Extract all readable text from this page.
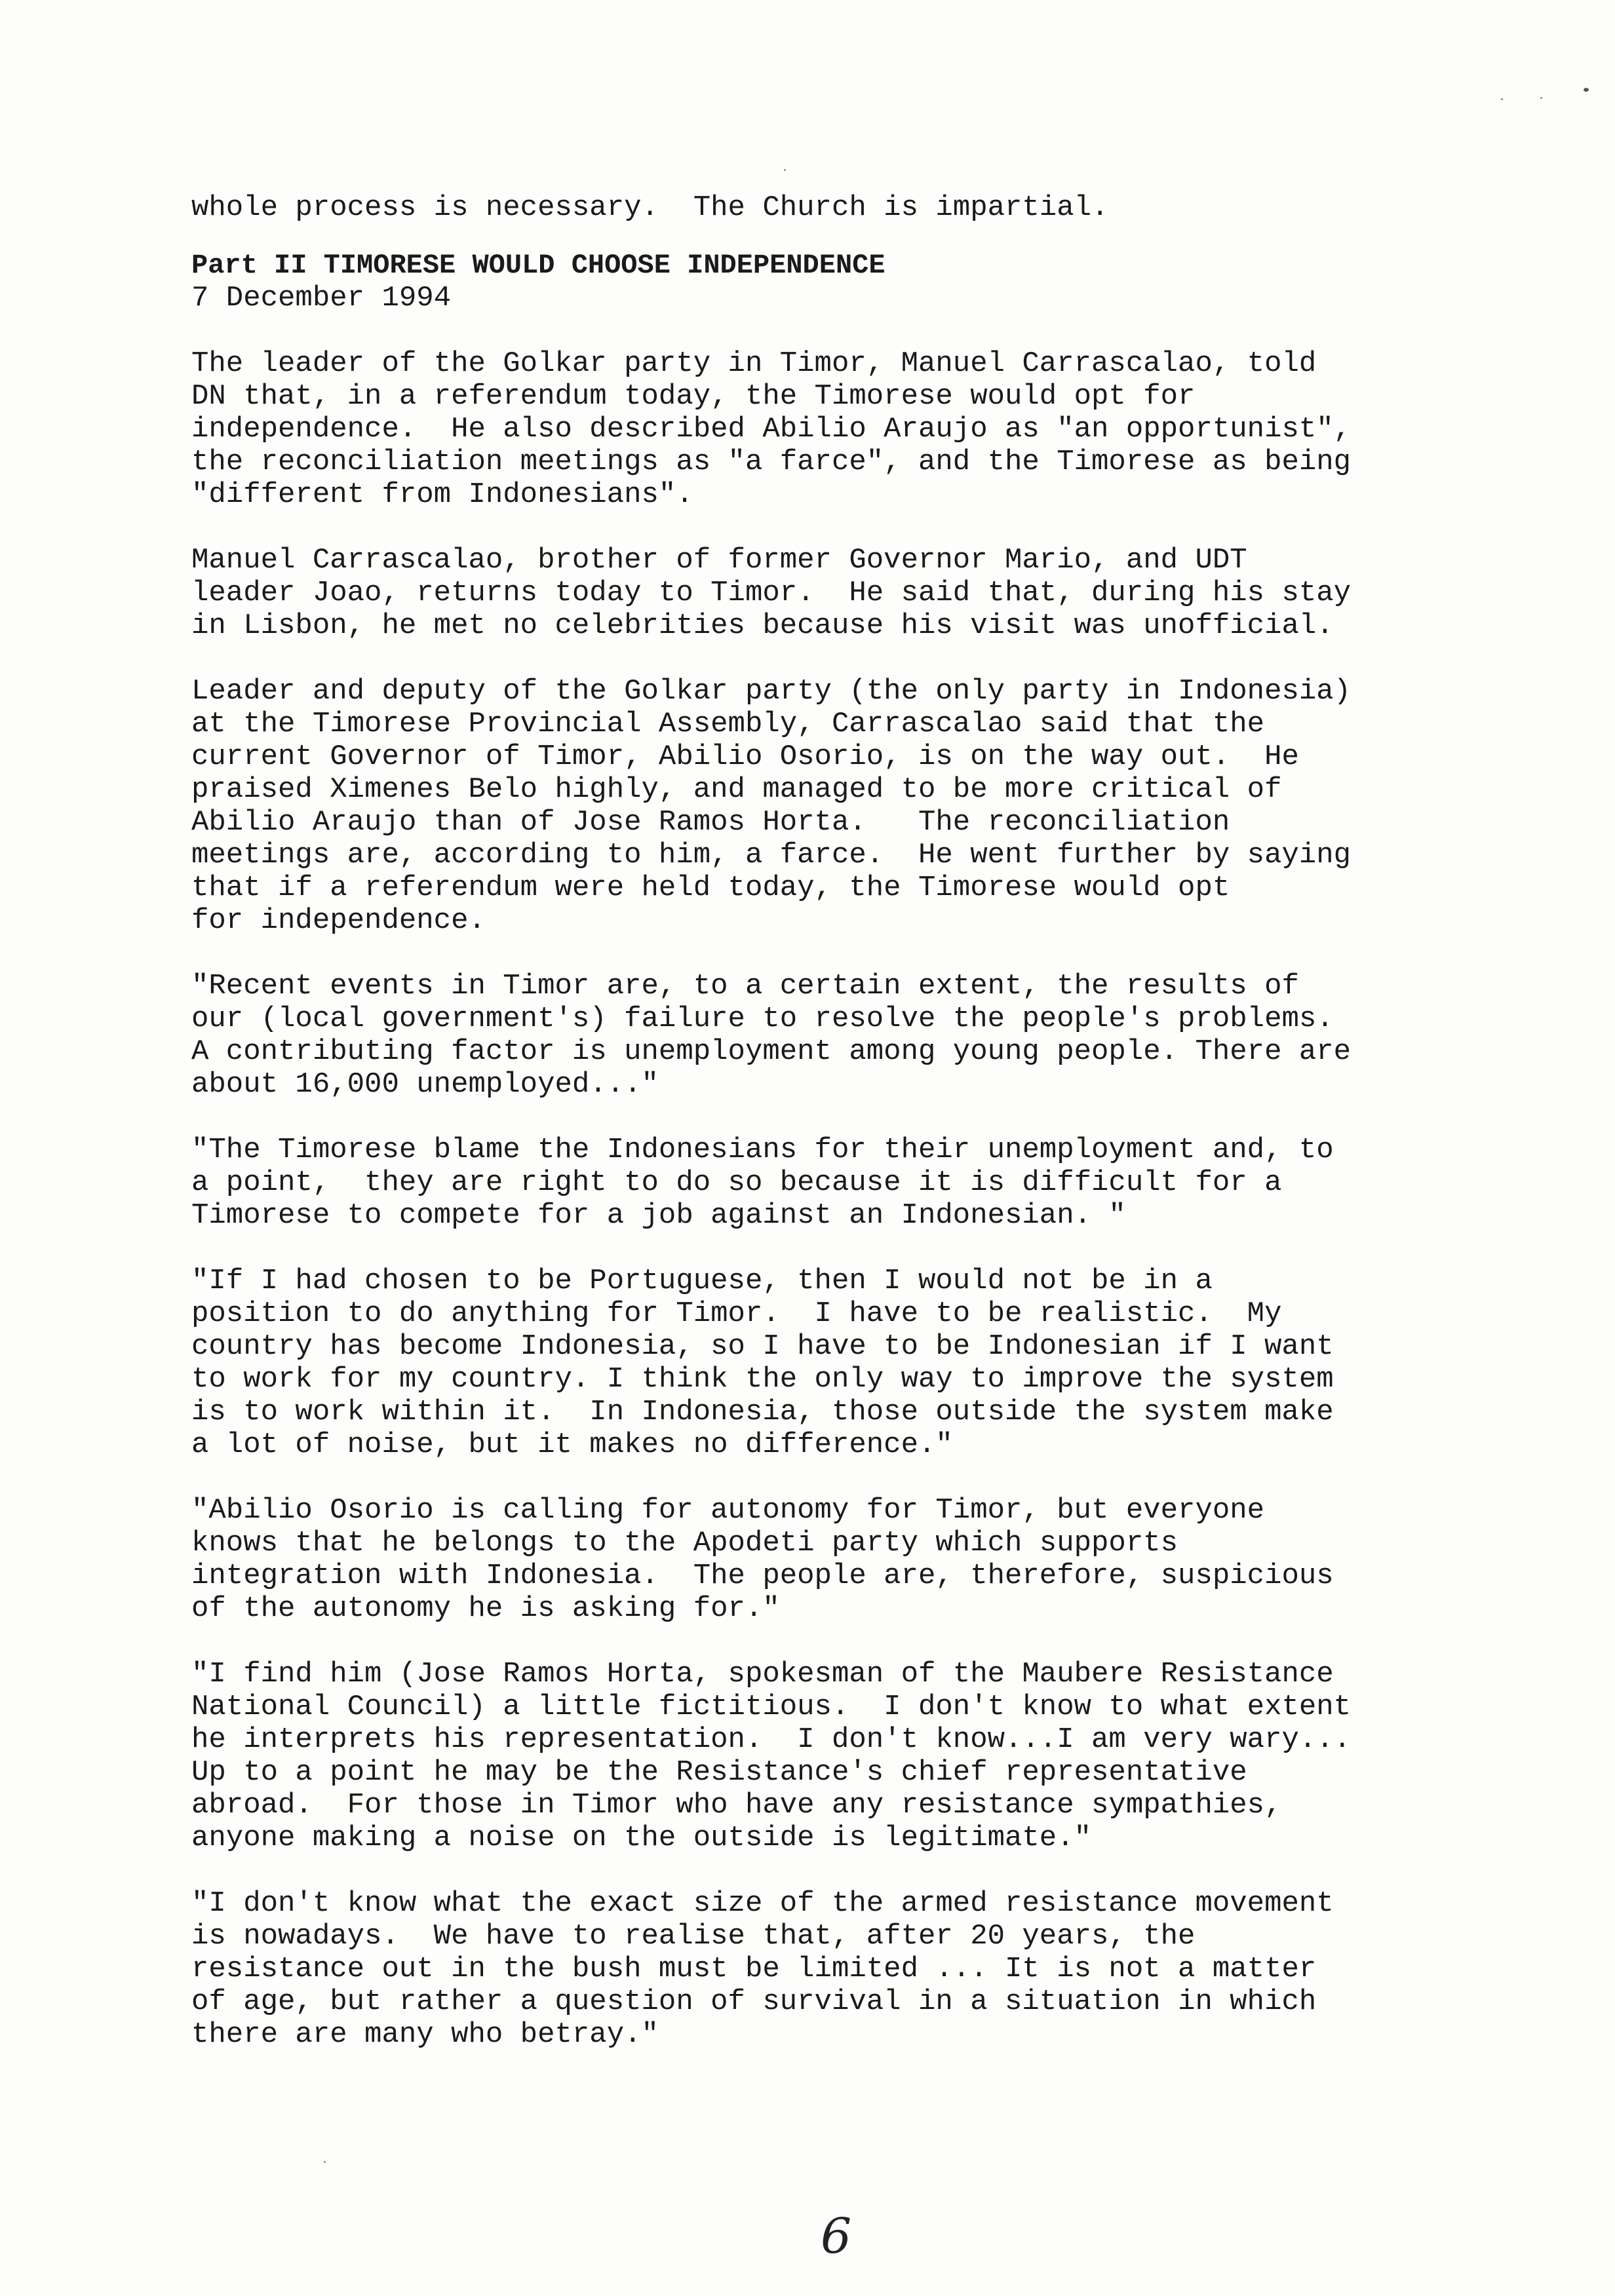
whole process is necessary.  The Church is impartial.

Part II TIMORESE WOULD CHOOSE INDEPENDENCE

7 December 1994

The leader of the Golkar party in Timor, Manuel Carrascalao, told
DN that, in a referendum today, the Timorese would opt for
independence.  He also described Abilio Araujo as "an opportunist",
the reconciliation meetings as "a farce", and the Timorese as being
"different from Indonesians".

Manuel Carrascalao, brother of former Governor Mario, and UDT
leader Joao, returns today to Timor.  He said that, during his stay
in Lisbon, he met no celebrities because his visit was unofficial.

Leader and deputy of the Golkar party (the only party in Indonesia)
at the Timorese Provincial Assembly, Carrascalao said that the
current Governor of Timor, Abilio Osorio, is on the way out.  He
praised Ximenes Belo highly, and managed to be more critical of
Abilio Araujo than of Jose Ramos Horta.   The reconciliation
meetings are, according to him, a farce.  He went further by saying
that if a referendum were held today, the Timorese would opt
for independence.

"Recent events in Timor are, to a certain extent, the results of
our (local government's) failure to resolve the people's problems.
A contributing factor is unemployment among young people. There are
about 16,000 unemployed..."

"The Timorese blame the Indonesians for their unemployment and, to
a point,  they are right to do so because it is difficult for a
Timorese to compete for a job against an Indonesian. "

"If I had chosen to be Portuguese, then I would not be in a
position to do anything for Timor.  I have to be realistic.  My
country has become Indonesia, so I have to be Indonesian if I want
to work for my country. I think the only way to improve the system
is to work within it.  In Indonesia, those outside the system make
a lot of noise, but it makes no difference."

"Abilio Osorio is calling for autonomy for Timor, but everyone
knows that he belongs to the Apodeti party which supports
integration with Indonesia.  The people are, therefore, suspicious
of the autonomy he is asking for."

"I find him (Jose Ramos Horta, spokesman of the Maubere Resistance
National Council) a little fictitious.  I don't know to what extent
he interprets his representation.  I don't know...I am very wary...
Up to a point he may be the Resistance's chief representative
abroad.  For those in Timor who have any resistance sympathies,
anyone making a noise on the outside is legitimate."

"I don't know what the exact size of the armed resistance movement
is nowadays.  We have to realise that, after 20 years, the
resistance out in the bush must be limited ... It is not a matter
of age, but rather a question of survival in a situation in which
there are many who betray."

6
